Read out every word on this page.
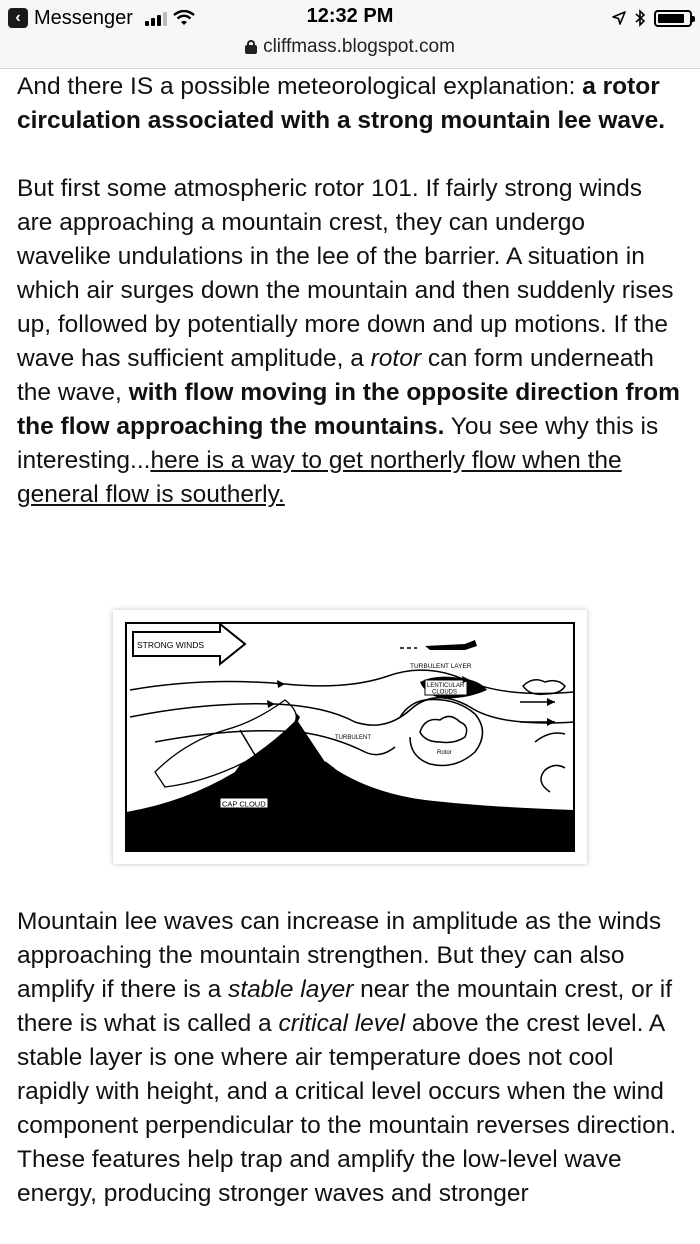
‹ Messenger	12:32 PM
cliffmass.blogspot.com

And there IS a possible meteorological explanation: a rotor circulation associated with a strong mountain lee wave.

But first some atmospheric rotor 101. If fairly strong winds are approaching a mountain crest, they can undergo wavelike undulations in the lee of the barrier. A situation in which air surges down the mountain and then suddenly rises up, followed by potentially more down and up motions. If the wave has sufficient amplitude, a rotor can form underneath the wave, with flow moving in the opposite direction from the flow approaching the mountains. You see why this is interesting...here is a way to get northerly flow when the general flow is southerly.

CAP CLOUD
STRONG WINDS
TURBULENT LAYER
LENTICULAR
CLOUDS
TURBULENT
Rotor

Mountain lee waves can increase in amplitude as the winds approaching the mountain strengthen. But they can also amplify if there is a stable layer near the mountain crest, or if there is what is called a critical level above the crest level. A stable layer is one where air temperature does not cool rapidly with height, and a critical level occurs when the wind component perpendicular to the mountain reverses direction. These features help trap and amplify the low-level wave energy, producing stronger waves and stronger
